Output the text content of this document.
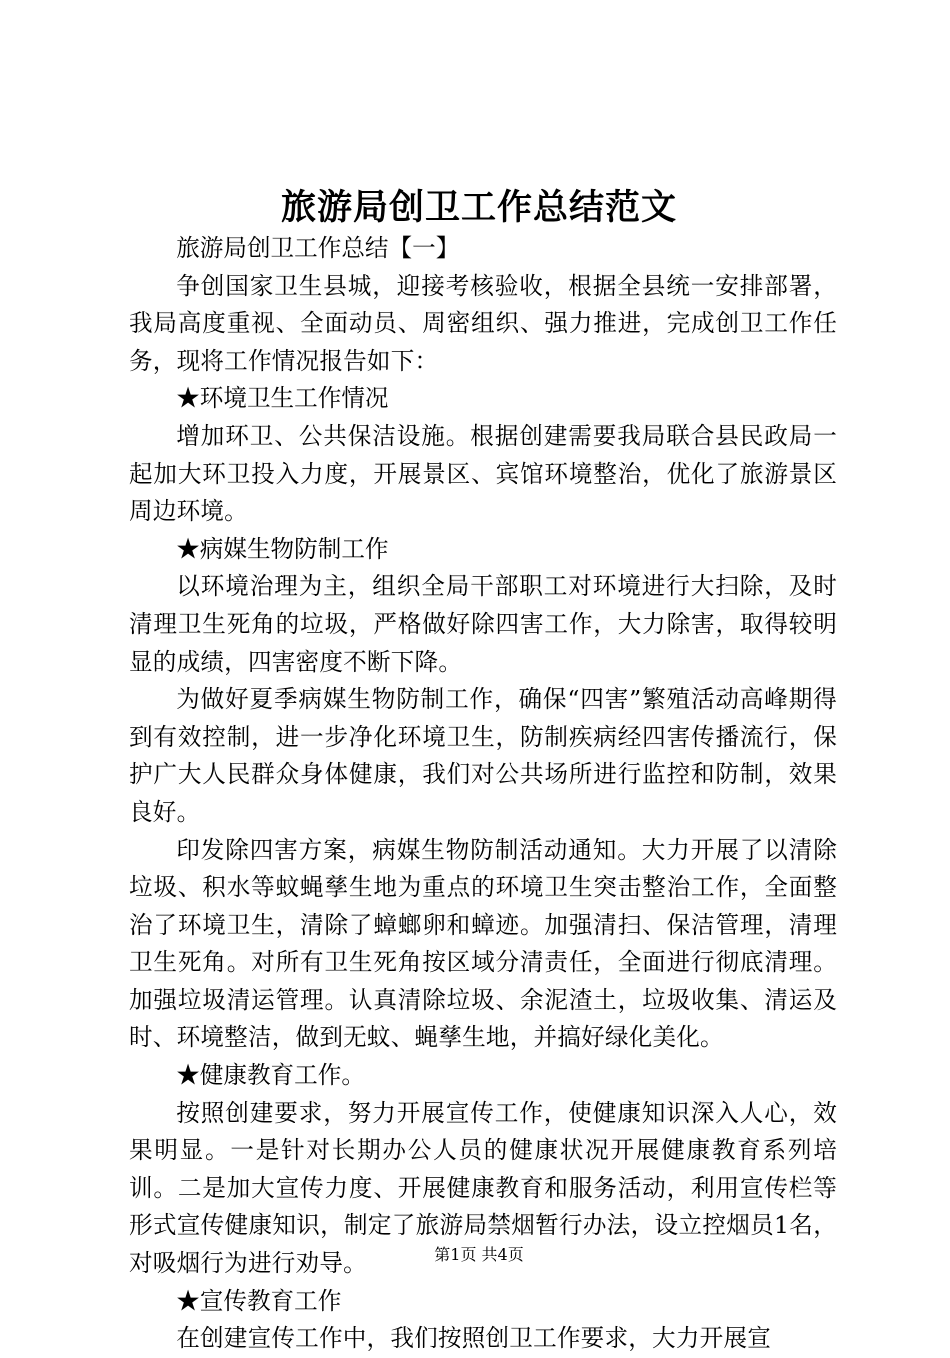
旅游局创卫工作总结范文

旅游局创卫工作总结【一】

争创国家卫生县城，迎接考核验收，根据全县统一安排部署，我局高度重视、全面动员、周密组织、强力推进，完成创卫工作任务，现将工作情况报告如下：

★环境卫生工作情况

增加环卫、公共保洁设施。根据创建需要我局联合县民政局一起加大环卫投入力度，开展景区、宾馆环境整治，优化了旅游景区周边环境。

★病媒生物防制工作

以环境治理为主，组织全局干部职工对环境进行大扫除，及时清理卫生死角的垃圾，严格做好除四害工作，大力除害，取得较明显的成绩，四害密度不断下降。

为做好夏季病媒生物防制工作，确保“四害”繁殖活动高峰期得到有效控制，进一步净化环境卫生，防制疾病经四害传播流行，保护广大人民群众身体健康，我们对公共场所进行监控和防制，效果良好。

印发除四害方案，病媒生物防制活动通知。大力开展了以清除垃圾、积水等蚊蝇孳生地为重点的环境卫生突击整治工作，全面整治了环境卫生，清除了蟑螂卵和蟑迹。加强清扫、保洁管理，清理卫生死角。对所有卫生死角按区域分清责任，全面进行彻底清理。加强垃圾清运管理。认真清除垃圾、余泥渣土，垃圾收集、清运及时、环境整洁，做到无蚊、蝇孳生地，并搞好绿化美化。

★健康教育工作。

按照创建要求，努力开展宣传工作，使健康知识深入人心，效果明显。一是针对长期办公人员的健康状况开展健康教育系列培训。二是加大宣传力度、开展健康教育和服务活动，利用宣传栏等形式宣传健康知识，制定了旅游局禁烟暂行办法，设立控烟员1名，对吸烟行为进行劝导。

★宣传教育工作

在创建宣传工作中，我们按照创卫工作要求，大力开展宣

第1页 共4页
